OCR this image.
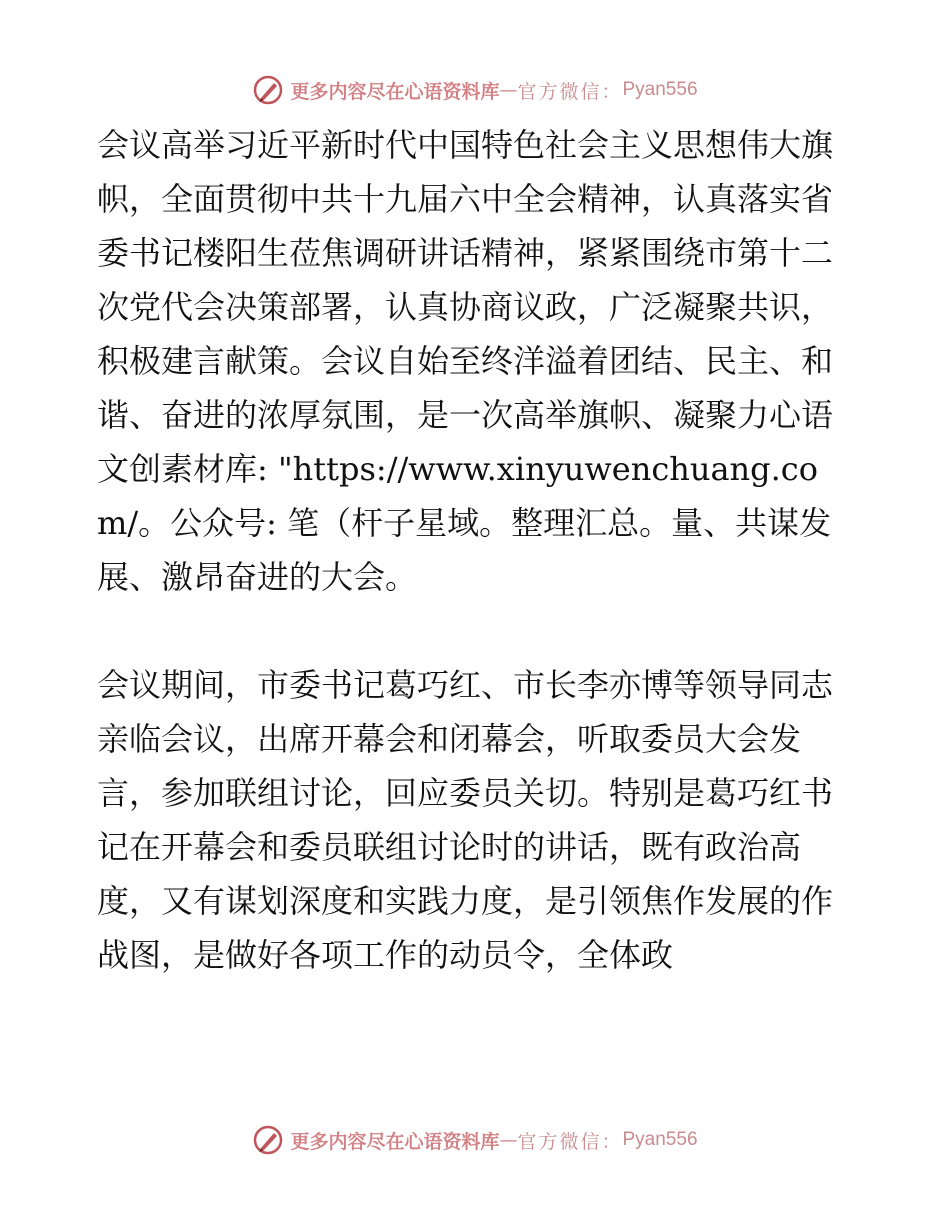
更多内容尽在心语资料库 — 官方微信： Pyan556

会议高举习近平新时代中国特色社会主义思想伟大旗帜，全面贯彻中共十九届六中全会精神，认真落实省委书记楼阳生莅焦调研讲话精神，紧紧围绕市第十二次党代会决策部署，认真协商议政，广泛凝聚共识，积极建言献策。会议自始至终洋溢着团结、民主、和谐、奋进的浓厚氛围，是一次高举旗帜、凝聚力心语文创素材库: "https://www.xinyuwenchuang.com/。公众号: 笔（杆子星域。整理汇总。量、共谋发展、激昂奋进的大会。

会议期间，市委书记葛巧红、市长李亦博等领导同志亲临会议，出席开幕会和闭幕会，听取委员大会发言，参加联组讨论，回应委员关切。特别是葛巧红书记在开幕会和委员联组讨论时的讲话，既有政治高度，又有谋划深度和实践力度，是引领焦作发展的作战图，是做好各项工作的动员令，全体政

更多内容尽在心语资料库 — 官方微信： Pyan556
